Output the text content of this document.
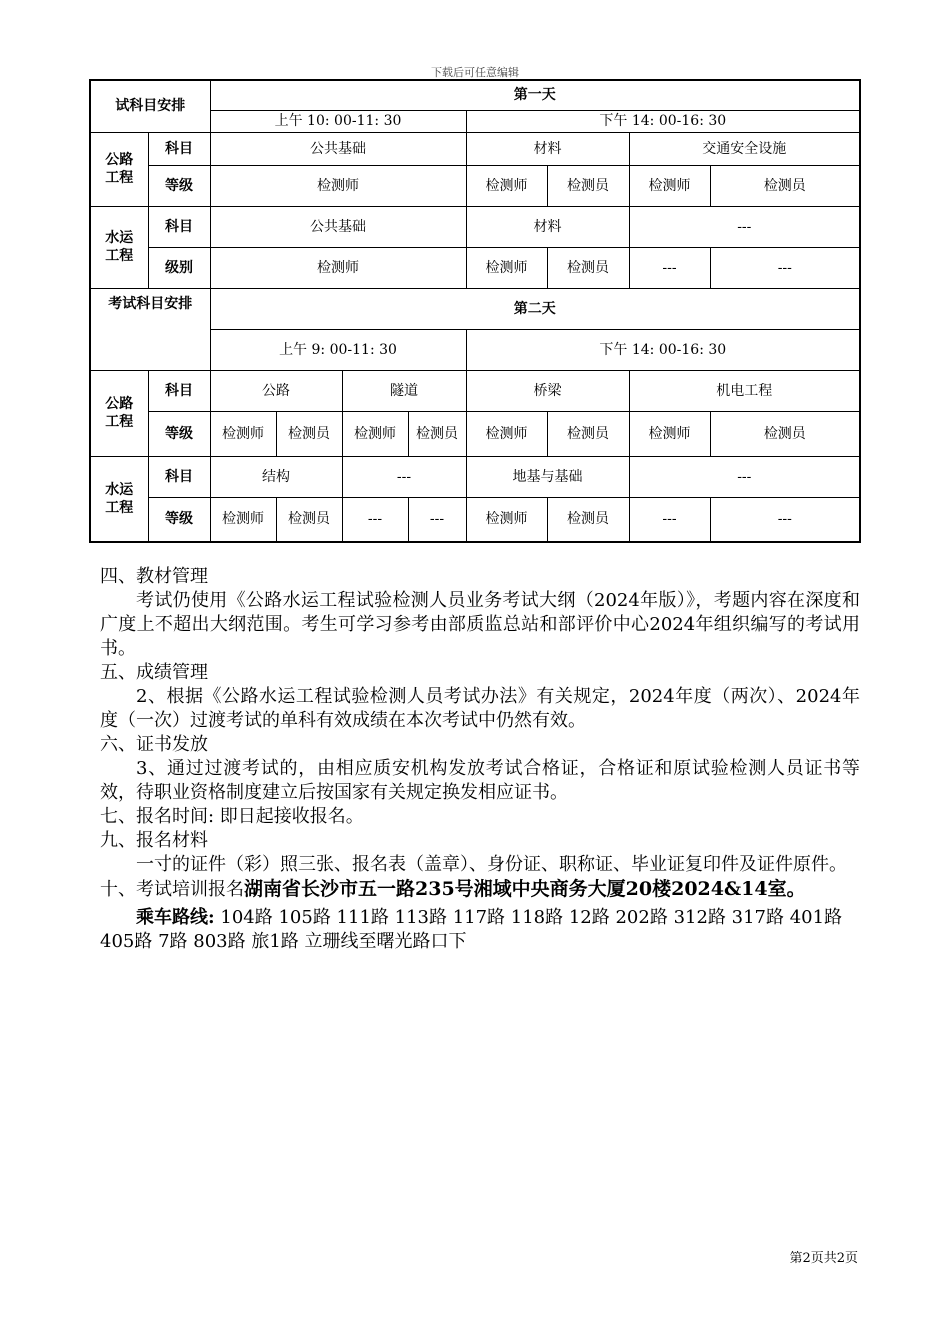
下载后可任意编辑
试科目安排		第一天							
		上午 10: 00-11: 30				下午 14: 00-16: 30			
公路
工程	科目	公共基础				材料		交通安全设施	
	等级	检测师				检测师	检测员	检测师	检测员
水运
工程	科目	公共基础				材料		---	
	级别	检测师				检测师	检测员	---	---
考试科目安排		第二天							
		上午 9: 00-11: 30				下午 14: 00-16: 30			
公路
工程	科目	公路		隧道		桥梁		机电工程	
	等级	检测师	检测员	检测师	检测员	检测师	检测员	检测师	检测员
水运
工程	科目	结构		---		地基与基础		---	
	等级	检测师	检测员	---	---	检测师	检测员	---	---

四、教材管理

考试仍使用《公路水运工程试验检测人员业务考试大纲（2024年版）》，考题内容在深度和广度上不超出大纲范围。考生可学习参考由部质监总站和部评价中心2024年组织编写的考试用书。

五、成绩管理

2、根据《公路水运工程试验检测人员考试办法》有关规定，2024年度（两次）、2024年度（一次）过渡考试的单科有效成绩在本次考试中仍然有效。

六、证书发放

3、通过过渡考试的，由相应质安机构发放考试合格证，合格证和原试验检测人员证书等效，待职业资格制度建立后按国家有关规定换发相应证书。

七、报名时间: 即日起接收报名。

九、报名材料

一寸的证件（彩）照三张、报名表（盖章）、身份证、职称证、毕业证复印件及证件原件。

十、考试培训报名湖南省长沙市五一路235号湘域中央商务大厦20楼2024&14室。

乘车路线: 104路 105路 111路 113路 117路 118路 12路 202路 312路 317路 401路 405路 7路 803路 旅1路 立珊线至曙光路口下

第2页共2页
